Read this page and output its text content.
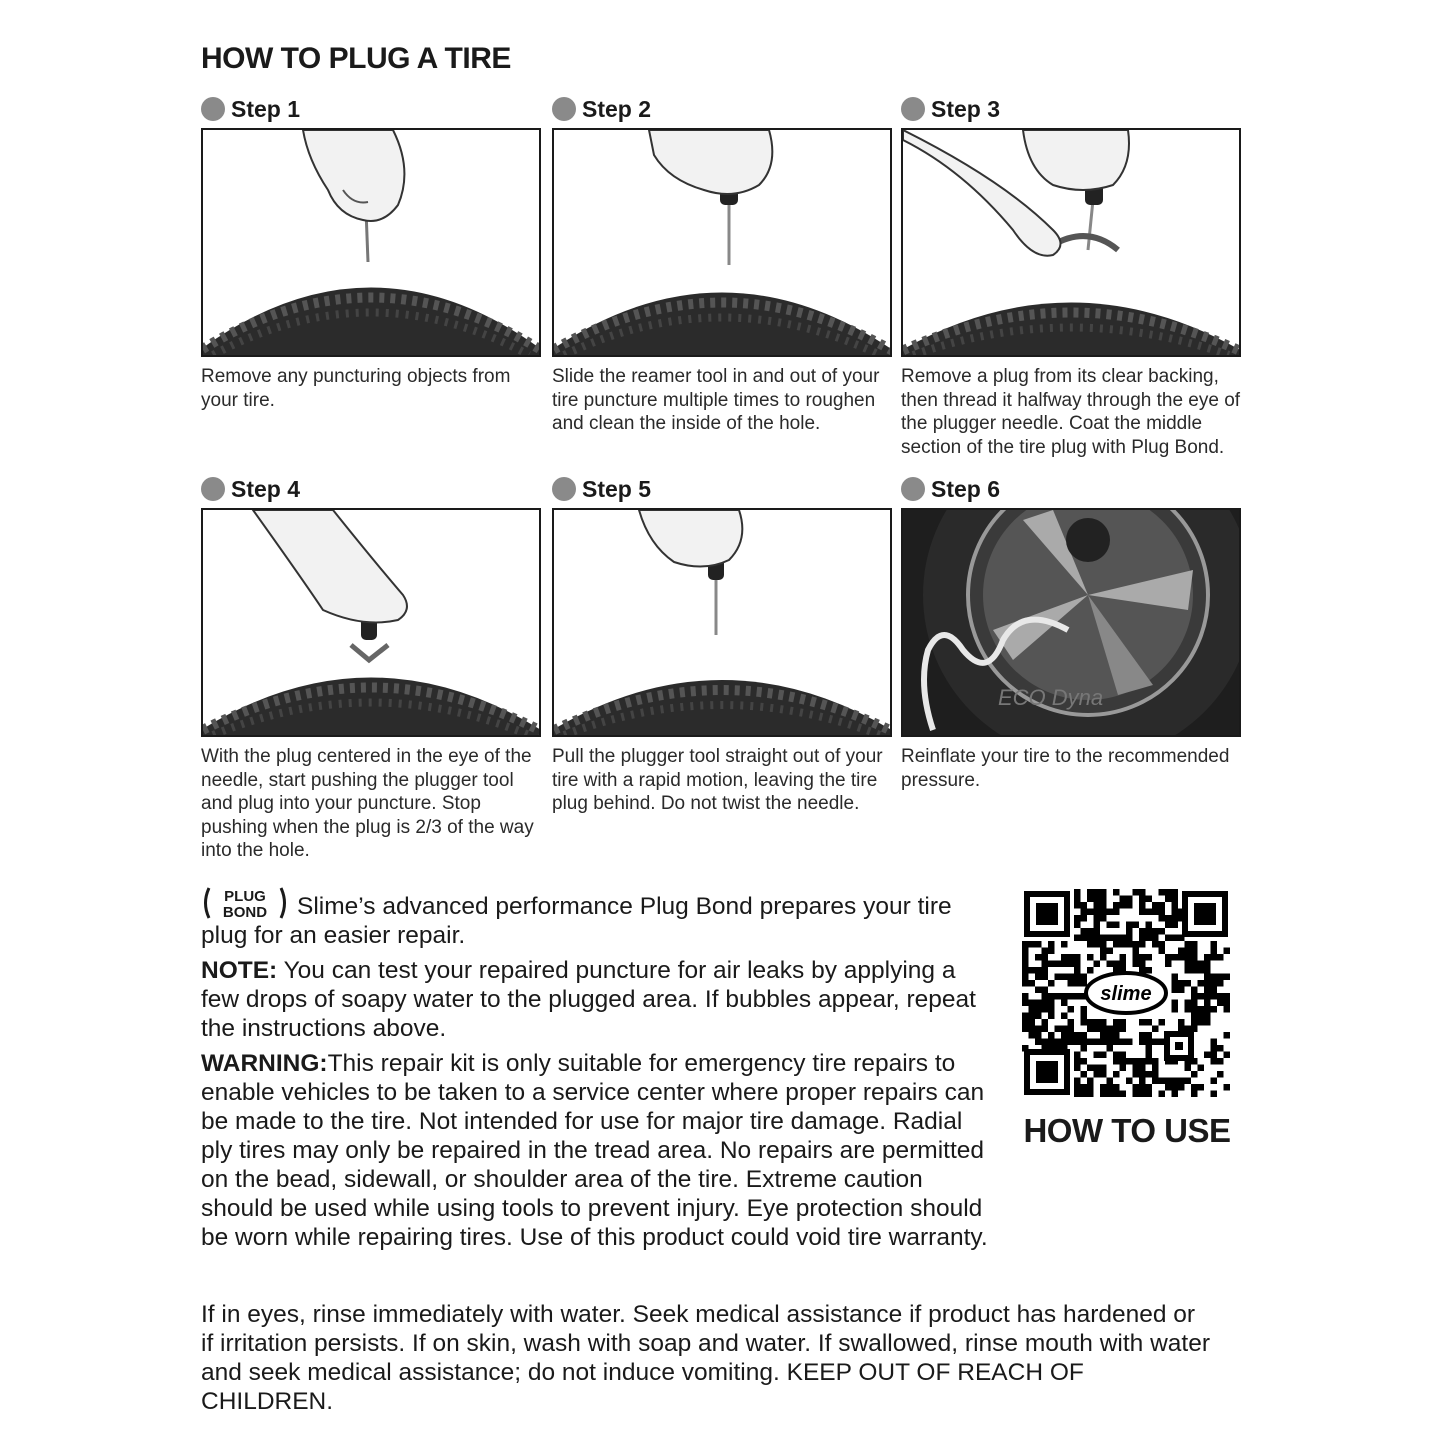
HOW TO PLUG A TIRE
Step 1
Remove any puncturing objects from your tire.
Step 2
Slide the reamer tool in and out of your tire puncture multiple times to roughen and clean the inside of the hole.
Step 3
Remove a plug from its clear backing, then thread it halfway through the eye of the plugger needle. Coat the middle section of the tire plug with Plug Bond.
Step 4
With the plug centered in the eye of the needle, start pushing the plugger tool and plug into your puncture. Stop pushing when the plug is 2/3 of the way into the hole.
Step 5
Pull the plugger tool straight out of your tire with a rapid motion, leaving the tire plug behind. Do not twist the needle.
Step 6
ECO Dyna
Reinflate your tire to the recommended pressure.

PLUG
BOND Slime’s advanced performance Plug Bond prepares your tire plug for an easier repair.

NOTE: You can test your repaired puncture for air leaks by applying a few drops of soapy water to the plugged area. If bubbles appear, repeat the instructions above.

WARNING:This repair kit is only suitable for emergency tire repairs to enable vehicles to be taken to a service center where proper repairs can be made to the tire. Not intended for use for major tire damage. Radial ply tires may only be repaired in the tread area. No repairs are permitted on the bead, sidewall, or shoulder area of the tire. Extreme caution should be used while using tools to prevent injury. Eye protection should be worn while repairing tires. Use of this product could void tire warranty.

If in eyes, rinse immediately with water. Seek medical assistance if product has hardened or if irritation persists. If on skin, wash with soap and water. If swallowed, rinse mouth with water and seek medical assistance; do not induce vomiting. KEEP OUT OF REACH OF CHILDREN.
slime
HOW TO USE
